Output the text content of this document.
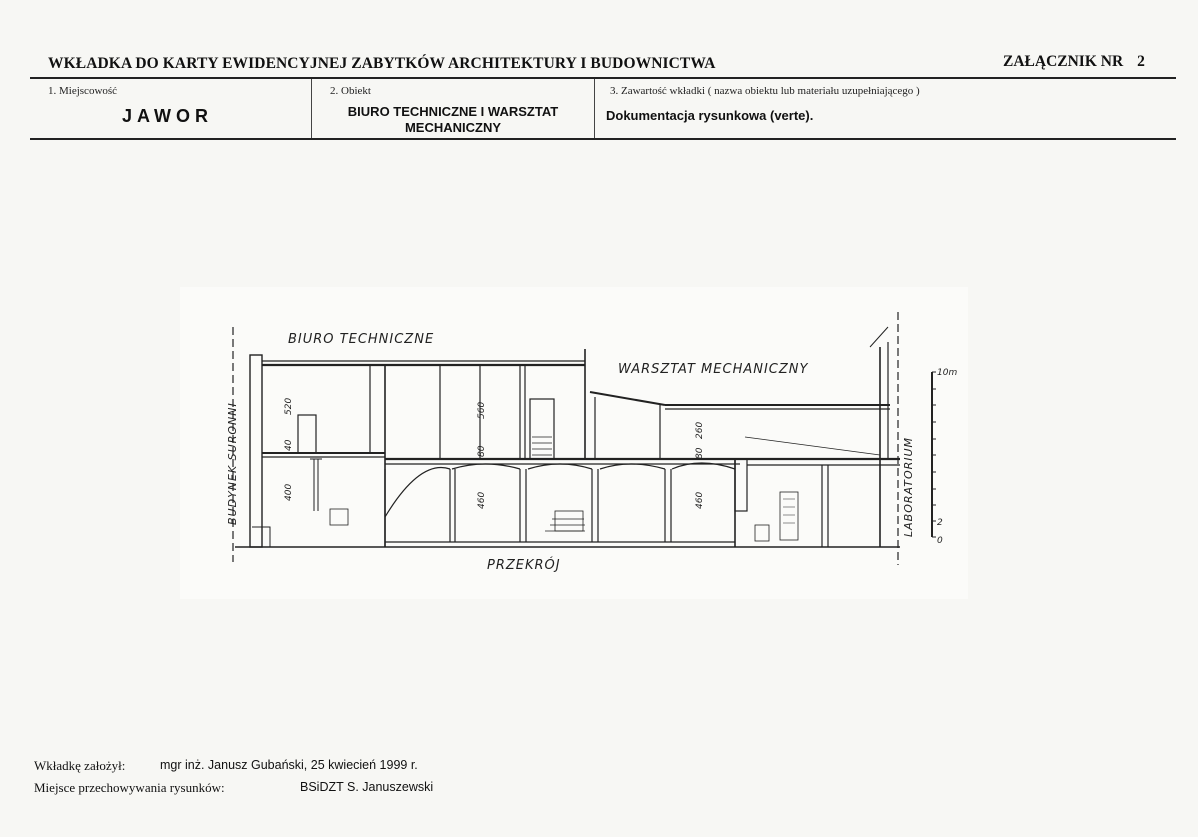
WKŁADKA DO KARTY EWIDENCYJNEJ ZABYTKÓW ARCHITEKTURY I BUDOWNICTWA	ZAŁĄCZNIK NR 2
1. Miejscowość
JAWOR
2. Obiekt
BIURO TECHNICZNE I WARSZTAT MECHANICZNY
3. Zawartość wkładki ( nazwa obiektu lub materiału uzupełniającego )
Dokumentacja rysunkowa (verte).
BIURO TECHNICZNE
WARSZTAT MECHANICZNY
PRZEKRÓJ
BUDYNEK SURONNI	LABORATORIUM
10m
2
0
520
40
400
560
80
460
260
80
460
Wkładkę założył:	mgr inż. Janusz Gubański, 25 kwiecień 1999 r.
Miejsce przechowywania rysunków:	BSiDZT S. Januszewski
